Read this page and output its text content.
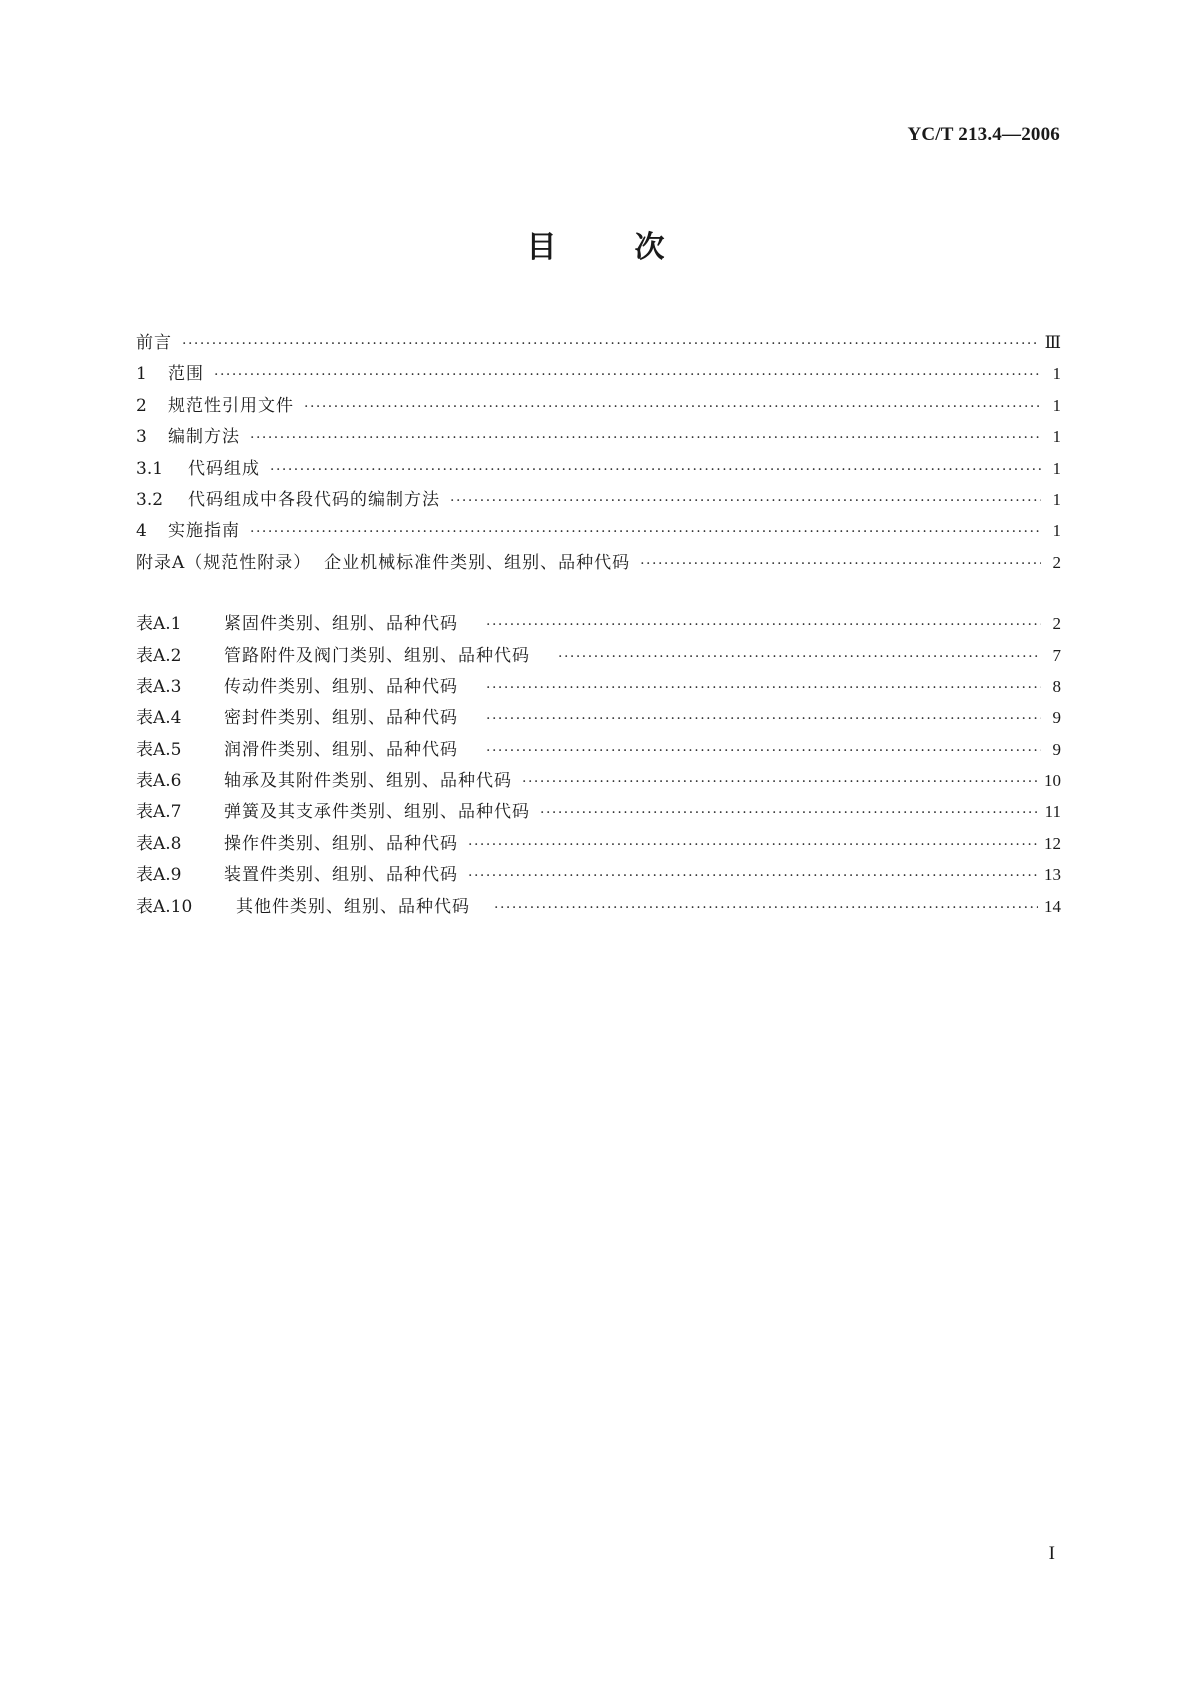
YC/T 213.4—2006
目次
前言 ·····	Ⅲ
1	范围 ·····	1
2	规范性引用文件 ·····	1
3	编制方法 ·····	1
3.1	代码组成 ·····	1
3.2	代码组成中各段代码的编制方法 ·····	1
4	实施指南 ·····	1
附录A（规范性附录）  企业机械标准件类别、组别、品种代码 ·····	2
表A.1	紧固件类别、组别、品种代码 ·····	2
表A.2	管路附件及阀门类别、组别、品种代码 ·····	7
表A.3	传动件类别、组别、品种代码 ·····	8
表A.4	密封件类别、组别、品种代码 ·····	9
表A.5	润滑件类别、组别、品种代码 ·····	9
表A.6	轴承及其附件类别、组别、品种代码 ·····	10
表A.7	弹簧及其支承件类别、组别、品种代码 ·····	11
表A.8	操作件类别、组别、品种代码 ·····	12
表A.9	装置件类别、组别、品种代码 ·····	13
表A.10	其他件类别、组别、品种代码 ·····	14
I
